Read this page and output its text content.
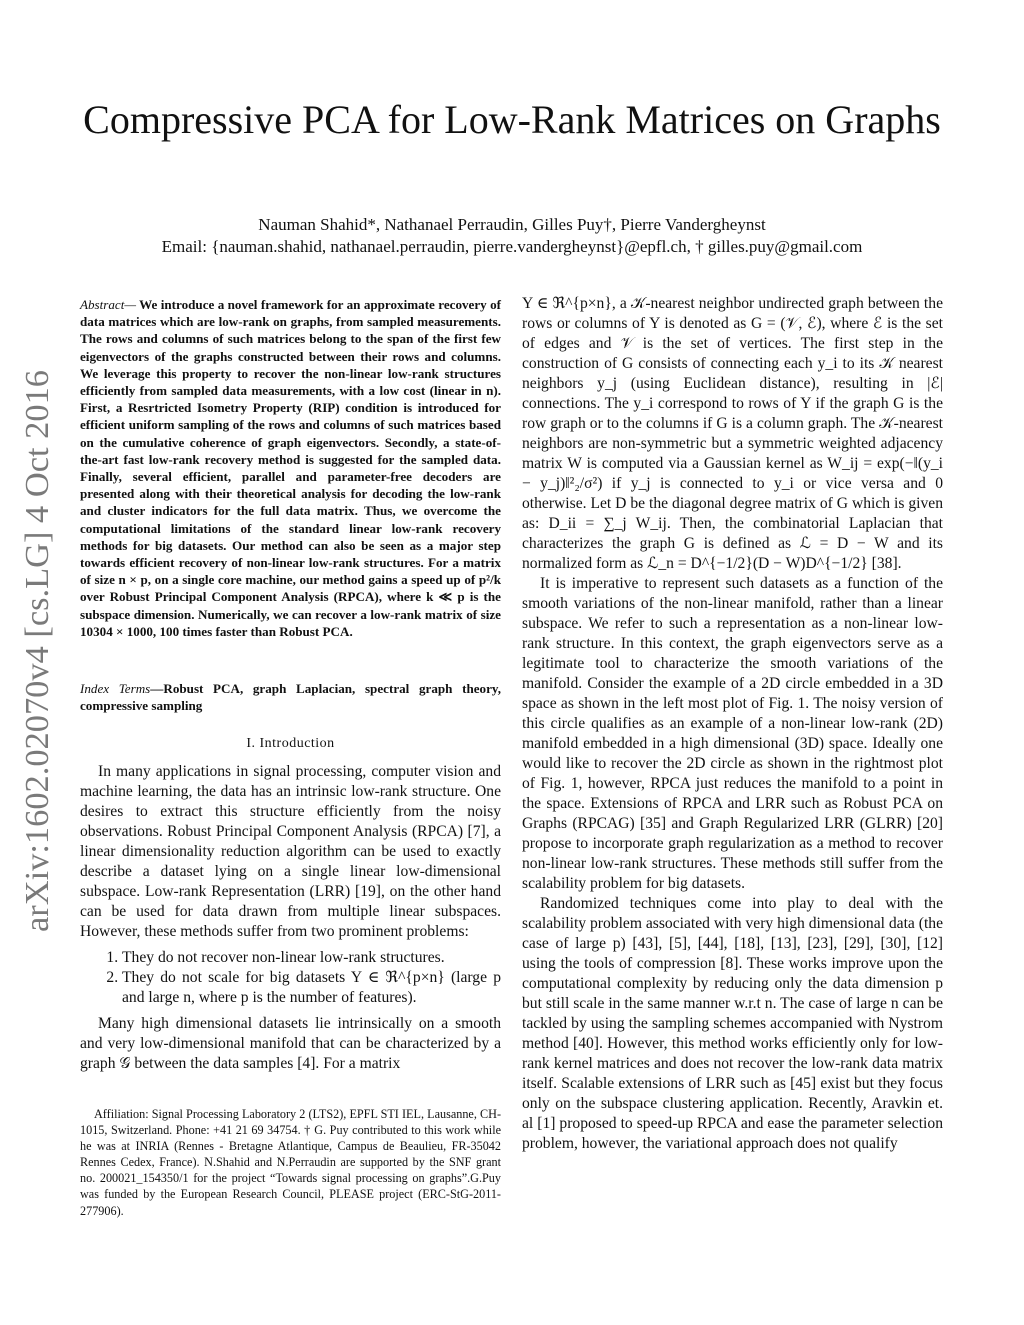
arXiv:1602.02070v4 [cs.LG] 4 Oct 2016
Compressive PCA for Low-Rank Matrices on Graphs
Nauman Shahid*, Nathanael Perraudin, Gilles Puy†, Pierre Vandergheynst
Email: {nauman.shahid, nathanael.perraudin, pierre.vandergheynst}@epfl.ch, † gilles.puy@gmail.com
Abstract— We introduce a novel framework for an approximate recovery of data matrices which are low-rank on graphs, from sampled measurements. The rows and columns of such matrices belong to the span of the first few eigenvectors of the graphs constructed between their rows and columns. We leverage this property to recover the non-linear low-rank structures efficiently from sampled data measurements, with a low cost (linear in n). First, a Resrtricted Isometry Property (RIP) condition is introduced for efficient uniform sampling of the rows and columns of such matrices based on the cumulative coherence of graph eigenvectors. Secondly, a state-of-the-art fast low-rank recovery method is suggested for the sampled data. Finally, several efficient, parallel and parameter-free decoders are presented along with their theoretical analysis for decoding the low-rank and cluster indicators for the full data matrix. Thus, we overcome the computational limitations of the standard linear low-rank recovery methods for big datasets. Our method can also be seen as a major step towards efficient recovery of non-linear low-rank structures. For a matrix of size n × p, on a single core machine, our method gains a speed up of p²/k over Robust Principal Component Analysis (RPCA), where k ≪ p is the subspace dimension. Numerically, we can recover a low-rank matrix of size 10304 × 1000, 100 times faster than Robust PCA.
Index Terms—Robust PCA, graph Laplacian, spectral graph theory, compressive sampling
I. Introduction

In many applications in signal processing, computer vision and machine learning, the data has an intrinsic low-rank structure. One desires to extract this structure efficiently from the noisy observations. Robust Principal Component Analysis (RPCA) [7], a linear dimensionality reduction algorithm can be used to exactly describe a dataset lying on a single linear low-dimensional subspace. Low-rank Representation (LRR) [19], on the other hand can be used for data drawn from multiple linear subspaces. However, these methods suffer from two prominent problems:

1. They do not recover non-linear low-rank structures.
2. They do not scale for big datasets Y ∈ ℜ^{p×n} (large p and large n, where p is the number of features).

Many high dimensional datasets lie intrinsically on a smooth and very low-dimensional manifold that can be characterized by a graph 𝒢 between the data samples [4]. For a matrix

Affiliation: Signal Processing Laboratory 2 (LTS2), EPFL STI IEL, Lausanne, CH-1015, Switzerland. Phone: +41 21 69 34754. † G. Puy contributed to this work while he was at INRIA (Rennes - Bretagne Atlantique, Campus de Beaulieu, FR-35042 Rennes Cedex, France). N.Shahid and N.Perraudin are supported by the SNF grant no. 200021_154350/1 for the project “Towards signal processing on graphs”.G.Puy was funded by the European Research Council, PLEASE project (ERC-StG-2011-277906).

Y ∈ ℜ^{p×n}, a 𝒦-nearest neighbor undirected graph between the rows or columns of Y is denoted as G = (𝒱, ℰ), where ℰ is the set of edges and 𝒱 is the set of vertices. The first step in the construction of G consists of connecting each y_i to its 𝒦 nearest neighbors y_j (using Euclidean distance), resulting in |ℰ| connections. The y_i correspond to rows of Y if the graph G is the row graph or to the columns if G is a column graph. The 𝒦-nearest neighbors are non-symmetric but a symmetric weighted adjacency matrix W is computed via a Gaussian kernel as W_ij = exp(−‖(y_i − y_j)‖²₂/σ²) if y_j is connected to y_i or vice versa and 0 otherwise. Let D be the diagonal degree matrix of G which is given as: D_ii = ∑_j W_ij. Then, the combinatorial Laplacian that characterizes the graph G is defined as ℒ = D − W and its normalized form as ℒ_n = D^{−1/2}(D − W)D^{−1/2} [38].

It is imperative to represent such datasets as a function of the smooth variations of the non-linear manifold, rather than a linear subspace. We refer to such a representation as a non-linear low-rank structure. In this context, the graph eigenvectors serve as a legitimate tool to characterize the smooth variations of the manifold. Consider the example of a 2D circle embedded in a 3D space as shown in the left most plot of Fig. 1. The noisy version of this circle qualifies as an example of a non-linear low-rank (2D) manifold embedded in a high dimensional (3D) space. Ideally one would like to recover the 2D circle as shown in the rightmost plot of Fig. 1, however, RPCA just reduces the manifold to a point in the space. Extensions of RPCA and LRR such as Robust PCA on Graphs (RPCAG) [35] and Graph Regularized LRR (GLRR) [20] propose to incorporate graph regularization as a method to recover non-linear low-rank structures. These methods still suffer from the scalability problem for big datasets.

Randomized techniques come into play to deal with the scalability problem associated with very high dimensional data (the case of large p) [43], [5], [44], [18], [13], [23], [29], [30], [12] using the tools of compression [8]. These works improve upon the computational complexity by reducing only the data dimension p but still scale in the same manner w.r.t n. The case of large n can be tackled by using the sampling schemes accompanied with Nystrom method [40]. However, this method works efficiently only for low-rank kernel matrices and does not recover the low-rank data matrix itself. Scalable extensions of LRR such as [45] exist but they focus only on the subspace clustering application. Recently, Aravkin et. al [1] proposed to speed-up RPCA and ease the parameter selection problem, however, the variational approach does not qualify
